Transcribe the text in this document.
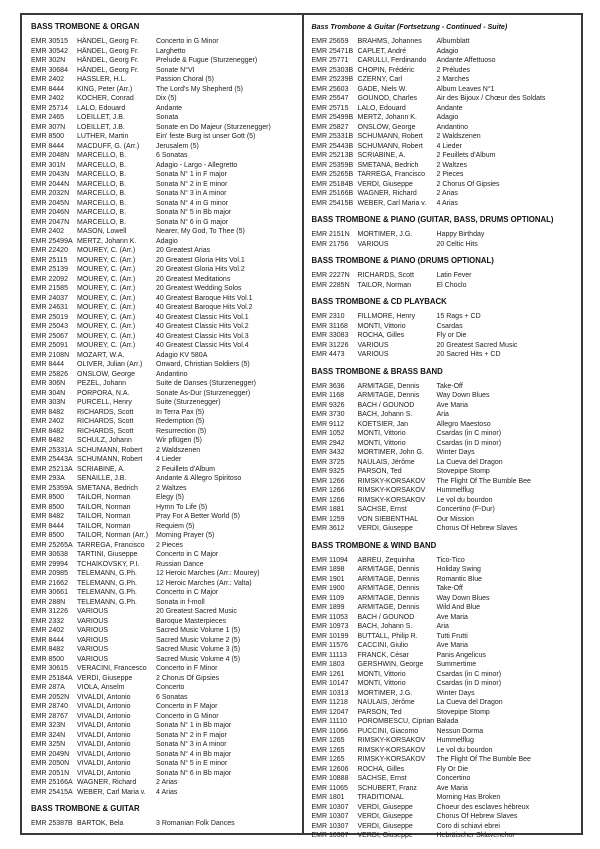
BASS TROMBONE & ORGAN
EMR 30515	HÄNDEL, Georg Fr.	Concerto in G Minor
EMR 30542	HÄNDEL, Georg Fr.	Larghetto
EMR 302N	HÄNDEL, Georg Fr.	Prelude & Fugue (Sturzenegger)
EMR 30684	HÄNDEL, Georg Fr.	Sonate N°VI
EMR 2402	HASSLER, H.L.	Passion Choral (5)
EMR 8444	KING, Peter (Arr.)	The Lord's My Shepherd (5)
EMR 2402	KOCHER, Conrad	Dix (5)
EMR 25714	LALO, Edouard	Andante
EMR 2465	LOEILLET, J.B.	Sonata
EMR 307N	LOEILLET, J.B.	Sonate en Do Majeur (Sturzenegger)
EMR 8500	LUTHER, Martin	Ein' feste Burg ist unser Gott (5)
EMR 8444	MACDUFF, G. (Arr.)	Jerusalem (5)
EMR 2048N	MARCELLO, B.	6 Sonatas
EMR 301N	MARCELLO, B.	Adagio - Largo - Allegretto
EMR 2043N	MARCELLO, B.	Sonata N° 1 in F major
EMR 2044N	MARCELLO, B.	Sonata N° 2 in E minor
EMR 2032N	MARCELLO, B.	Sonata N° 3 in A minor
EMR 2045N	MARCELLO, B.	Sonata N° 4 in G minor
EMR 2046N	MARCELLO, B.	Sonata N° 5 in Bb major
EMR 2047N	MARCELLO, B.	Sonata N° 6 in G major
EMR 2402	MASON, Lowell	Nearer, My God, To Thee (5)
EMR 25499A MERTZ, Johann K.	Adagio
EMR 22420	MOUREY, C. (Arr.)	20 Greatest Arias
EMR 25115	MOUREY, C. (Arr.)	20 Greatest Gloria Hits Vol.1
EMR 25139	MOUREY, C. (Arr.)	20 Greatest Gloria Hits Vol.2
EMR 22092	MOUREY, C. (Arr.)	20 Greatest Meditations
EMR 21585	MOUREY, C. (Arr.)	20 Greatest Wedding Solos
EMR 24037	MOUREY, C. (Arr.)	40 Greatest Baroque Hits Vol.1
EMR 24631	MOUREY, C. (Arr.)	40 Greatest Baroque Hits Vol.2
EMR 25019	MOUREY, C. (Arr.)	40 Greatest Classic Hits Vol.1
EMR 25043	MOUREY, C. (Arr.)	40 Greatest Classic Hits Vol.2
EMR 25067	MOUREY, C. (Arr.)	40 Greatest Classic Hits Vol.3
EMR 25091	MOUREY, C. (Arr.)	40 Greatest Classic Hits Vol.4
EMR 2108N	MOZART, W.A.	Adagio KV 580A
EMR 8444	OLIVER, Julian (Arr.)	Onward, Christian Soldiers (5)
EMR 25826	ONSLOW, George	Andantino
EMR 306N	PEZEL, Johann	Suite de Danses (Sturzenegger)
EMR 304N	PORPORA, N.A.	Sonate As-Dur (Sturzenegger)
EMR 303N	PURCELL, Henry	Suite (Sturzenegger)
EMR 8482	RICHARDS, Scott	In Terra Pax (5)
EMR 2402	RICHARDS, Scott	Redemption (5)
EMR 8482	RICHARDS, Scott	Resurrection (5)
EMR 8482	SCHULZ, Johann	Wir pflügen (5)
EMR 25331A SCHUMANN, Robert	2 Waldszenen
EMR 25443A SCHUMANN, Robert	4 Lieder
EMR 25213A SCRIABINE, A.	2 Feuillets d'Album
EMR 293A	SENAILLE, J.B.	Andante & Allegro Spiritoso
EMR 25359A SMETANA, Bedrich	2 Waltzes
EMR 8500	TAILOR, Norman	Elegy (5)
EMR 8500	TAILOR, Norman	Hymn To Life (5)
EMR 8482	TAILOR, Norman	Pray For A Better World (5)
EMR 8444	TAILOR, Norman	Requiem (5)
EMR 8500	TAILOR, Norman (Arr.)	Morning Prayer (5)
EMR 25265A TARREGA, Francisco	2 Pieces
EMR 30638	TARTINI, Giuseppe	Concerto in C Major
EMR 29994	TCHAIKOVSKY, P.I.	Russian Dance
EMR 20985	TELEMANN, G.Ph.	12 Heroic Marches (Arr.: Mourey)
EMR 21662	TELEMANN, G.Ph.	12 Heroic Marches (Arr.: Valta)
EMR 30661	TELEMANN, G.Ph.	Concerto in C Major
EMR 288N	TELEMANN, G.Ph.	Sonata in f-moll
EMR 31226	VARIOUS	20 Greatest Sacred Music
EMR 2332	VARIOUS	Baroque Masterpieces
EMR 2402	VARIOUS	Sacred Music Volume 1 (5)
EMR 8444	VARIOUS	Sacred Music Volume 2 (5)
EMR 8482	VARIOUS	Sacred Music Volume 3 (5)
EMR 8500	VARIOUS	Sacred Music Volume 4 (5)
EMR 30615	VERACINI, Francesco	Concerto in F Minor
EMR 25184A VERDI, Giuseppe	2 Chorus Of Gipsies
EMR 287A	VIOLA, Anselm	Concerto
EMR 2052N	VIVALDI, Antonio	6 Sonatas
EMR 28740	VIVALDI, Antonio	Concerto in F Major
EMR 28767	VIVALDI, Antonio	Concerto in G Minor
EMR 323N	VIVALDI, Antonio	Sonata N° 1 in Bb major
EMR 324N	VIVALDI, Antonio	Sonata N° 2 in F major
EMR 325N	VIVALDI, Antonio	Sonata N° 3 in A minor
EMR 2049N	VIVALDI, Antonio	Sonata N° 4 in Bb major
EMR 2050N	VIVALDI, Antonio	Sonata N° 5 in E minor
EMR 2051N	VIVALDI, Antonio	Sonata N° 6 in Bb major
EMR 25166A WAGNER, Richard	2 Arias
EMR 25415A WEBER, Carl Maria v.	4 Arias
BASS TROMBONE & GUITAR
EMR 25387B BARTOK, Bela	3 Romanian Folk Dances
Bass Trombone & Guitar (Fortsetzung - Continued - Suite)
EMR 25659	BRAHMS, Johannes	Albumblatt
EMR 25471B CAPLET, André	Adagio
EMR 25771	CARULLI, Ferdinando	Andante Affettuoso
EMR 25303B CHOPIN, Frédéric	2 Préludes
EMR 25239B CZERNY, Carl	2 Marches
EMR 25603	GADE, Niels W.	Album Leaves N°1
EMR 25547	GOUNOD, Charles	Air des Bijoux / Chœur des Soldats
EMR 25715	LALO, Edouard	Andante
EMR 25499B MERTZ, Johann K.	Adagio
EMR 25827	ONSLOW, George	Andantino
EMR 25331B SCHUMANN, Robert	2 Waldszenen
EMR 25443B SCHUMANN, Robert	4 Lieder
EMR 25213B SCRIABINE, A.	2 Feuillets d'Album
EMR 25359B SMETANA, Bedrich	2 Waltzes
EMR 25265B TARREGA, Francisco	2 Pieces
EMR 25184B VERDI, Giuseppe	2 Chorus Of Gipsies
EMR 25166B WAGNER, Richard	2 Arias
EMR 25415B WEBER, Carl Maria v.	4 Arias
BASS TROMBONE & PIANO (GUITAR, BASS, DRUMS OPTIONAL)
EMR 2151N	MORTIMER, J.G.	Happy Birthday
EMR 21756	VARIOUS	20 Celtic Hits
BASS TROMBONE & PIANO (DRUMS OPTIONAL)
EMR 2227N	RICHARDS, Scott	Latin Fever
EMR 2285N	TAILOR, Norman	El Choclo
BASS TROMBONE & CD PLAYBACK
EMR 2310	FILLMORE, Henry	15 Rags + CD
EMR 31168	MONTI, Vittorio	Csardas
EMR 33083	ROCHA, Gilles	Fly or Die
EMR 31226	VARIOUS	20 Greatest Sacred Music
EMR 4473	VARIOUS	20 Sacred Hits + CD
BASS TROMBONE & BRASS BAND
EMR 3636	ARMITAGE, Dennis	Take-Off
EMR 1168	ARMITAGE, Dennis	Way Down Blues
EMR 9326	BACH / GOUNOD	Ave Maria
EMR 3730	BACH, Johann S.	Aria
EMR 9112	KOETSIER, Jan	Allegro Maestoso
EMR 1052	MONTI, Vittorio	Csardas (in C minor)
EMR 2942	MONTI, Vittorio	Csardas (in D minor)
EMR 3432	MORTIMER, John G.	Winter Days
EMR 3725	NAULAIS, Jérôme	La Cueva del Dragon
EMR 9325	PARSON, Ted	Stovepipe Stomp
EMR 1266	RIMSKY-KORSAKOV	The Flight Of The Bumble Bee
EMR 1266	RIMSKY-KORSAKOV	Hummelflug
EMR 1266	RIMSKY-KORSAKOV	Le vol du bourdon
EMR 1881	SACHSE, Ernst	Concertino (F-Dur)
EMR 1259	VON SIEBENTHAL	Our Mission
EMR 3612	VERDI, Giuseppe	Chorus Of Hebrew Slaves
BASS TROMBONE & WIND BAND
EMR 11094	ABREU, Zequinha	Tico-Tico
EMR 1898	ARMITAGE, Dennis	Holiday Swing
EMR 1901	ARMITAGE, Dennis	Romantic Blue
EMR 1900	ARMITAGE, Dennis	Take-Off
EMR 1109	ARMITAGE, Dennis	Way Down Blues
EMR 1899	ARMITAGE, Dennis	Wild And Blue
EMR 11053	BACH / GOUNOD	Ave Maria
EMR 10973	BACH, Johann S.	Aria
EMR 10199	BUTTALL, Philip R.	Tutti Frutti
EMR 11576	CACCINI, Giulio	Ave Maria
EMR 11113	FRANCK, César	Panis Angelicus
EMR 1803	GERSHWIN, George	Summertime
EMR 1261	MONTI, Vittorio	Csardas (in C minor)
EMR 10147	MONTI, Vittorio	Csardas (in D minor)
EMR 10313	MORTIMER, J.G.	Winter Days
EMR 11218	NAULAIS, Jérôme	La Cueva del Dragon
EMR 12047	PARSON, Ted	Stovepipe Stomp
EMR 11110	POROMBESCU, Ciprian Balada
EMR 11066	PUCCINI, Giacomo	Nessun Dorma
EMR 1265	RIMSKY-KORSAKOV	Hummelflug
EMR 1265	RIMSKY-KORSAKOV	Le vol du bourdon
EMR 1265	RIMSKY-KORSAKOV	The Flight Of The Bumble Bee
EMR 12606	ROCHA, Gilles	Fly Or Die
EMR 10888	SACHSE, Ernst	Concertino
EMR 11065	SCHUBERT, Franz	Ave Maria
EMR 1801	TRADITIONAL	Morning Has Broken
EMR 10307	VERDI, Giuseppe	Choeur des esclaves hébreux
EMR 10307	VERDI, Giuseppe	Chorus Of Hebrew Slaves
EMR 10307	VERDI, Giuseppe	Coro di schiavi ebrei
EMR 10307	VERDI, Giuseppe	Hebräischer Sklavenchor
